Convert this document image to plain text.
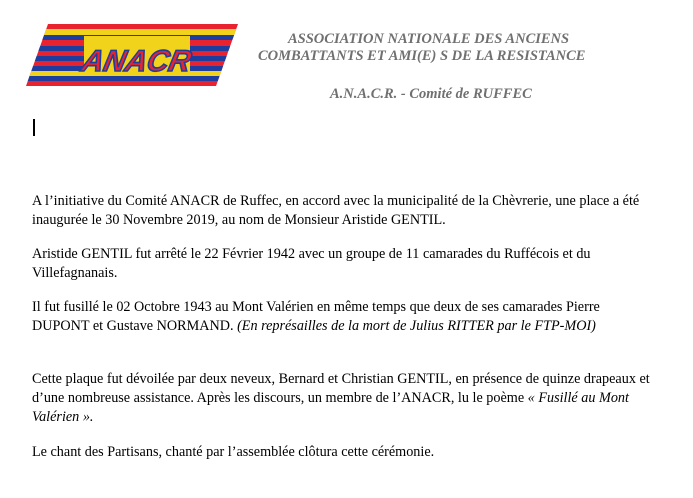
ANACR
ASSOCIATION NATIONALE DES ANCIENS
COMBATTANTS ET AMI(E) S DE LA RESISTANCE
A.N.A.C.R. - Comité de RUFFEC

A l’initiative du Comité ANACR de Ruffec, en accord avec la municipalité de la Chèvrerie, une place a été inaugurée le 30 Novembre 2019, au nom de Monsieur Aristide GENTIL.

Aristide GENTIL fut arrêté le 22 Février 1942 avec un groupe de 11 camarades du Ruffécois et du Villefagnanais.

Il fut fusillé le 02 Octobre 1943 au Mont Valérien en même temps que deux de ses camarades Pierre DUPONT et Gustave NORMAND. (En représailles de la mort de Julius RITTER par le FTP-MOI)

Cette plaque fut dévoilée par deux neveux, Bernard et Christian GENTIL, en présence de quinze drapeaux et d’une nombreuse assistance. Après les discours, un membre de l’ANACR, lu le poème « Fusillé au Mont Valérien ».

Le chant des Partisans, chanté par l’assemblée clôtura cette cérémonie.
